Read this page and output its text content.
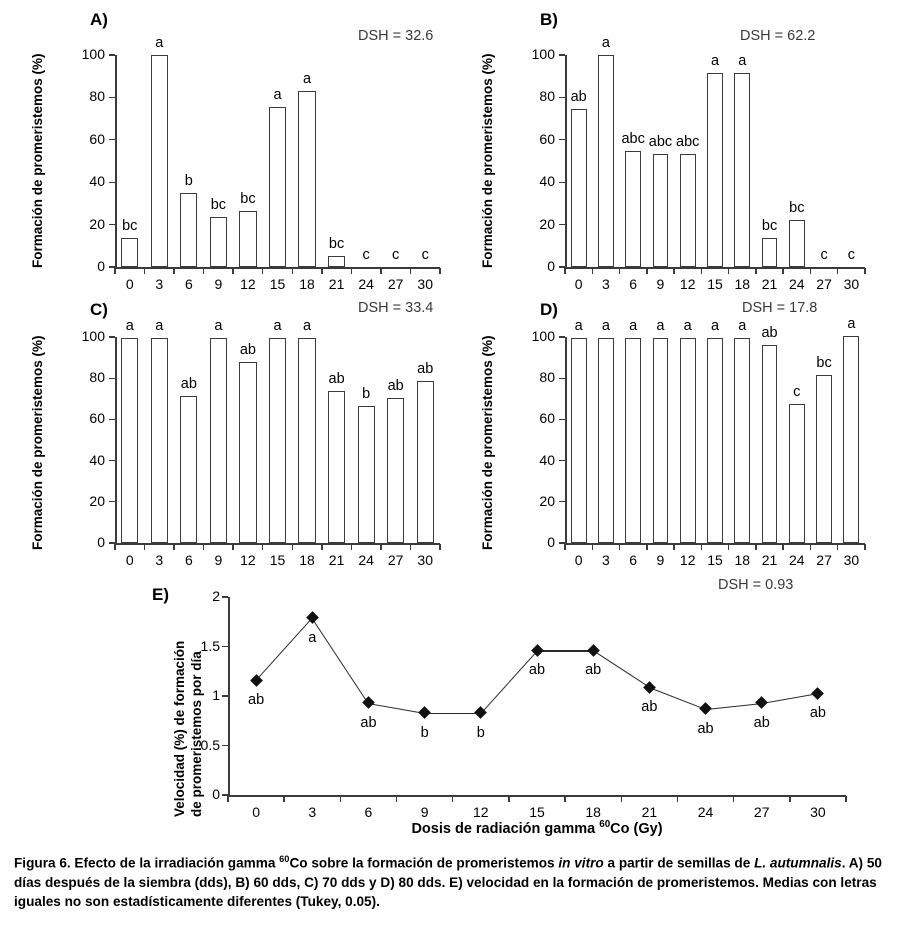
A)
DSH = 32.6
Formación de promeristemos (%)	0
20
40
60
80
100
bc
0
a
3
b
6
bc
9
bc
12
a
15
a
18
bc
21
c
24
c
27
c
30
B)
DSH = 62.2
Formación de promeristemos (%)	0
20
40
60
80
100
ab
0
a
3
abc
6
abc
9
abc
12
a
15
a
18
bc
21
bc
24
c
27
c
30
C)	DSH = 33.4
Formación de promeristemos (%)	0
20
40
60
80
100
a
0
a
3
ab
6
a
9
ab
12
a
15
a
18
ab
21
b
24
ab
27
ab
30
D)	DSH = 17.8
Formación de promeristemos (%)	0
20
40
60
80
100
a
0
a
3
a
6
a
9
a
12
a
15
a
18
ab
21
c
24
bc
27
a
30
E)	DSH = 0.93
Velocidad (%) de formación de promeristemos por día 0
0.5
1
1.5
2
ab
0
a
3
ab
6
b
9
b
12
ab
15
ab
18
ab
21
ab
24
ab
27
ab
30
Dosis de radiación gamma $^{60}$Co (Gy)
Figura 6. Efecto de la irradiación gamma $^{60}$Co sobre la formación de promeristemos in vitro a partir de semillas de L. autumnalis. A) 50 días después de la siembra (dds), B) 60 dds, C) 70 dds y D) 80 dds. E) velocidad en la formación de promeristemos. Medias con letras iguales no son estadísticamente diferentes (Tukey, 0.05).
